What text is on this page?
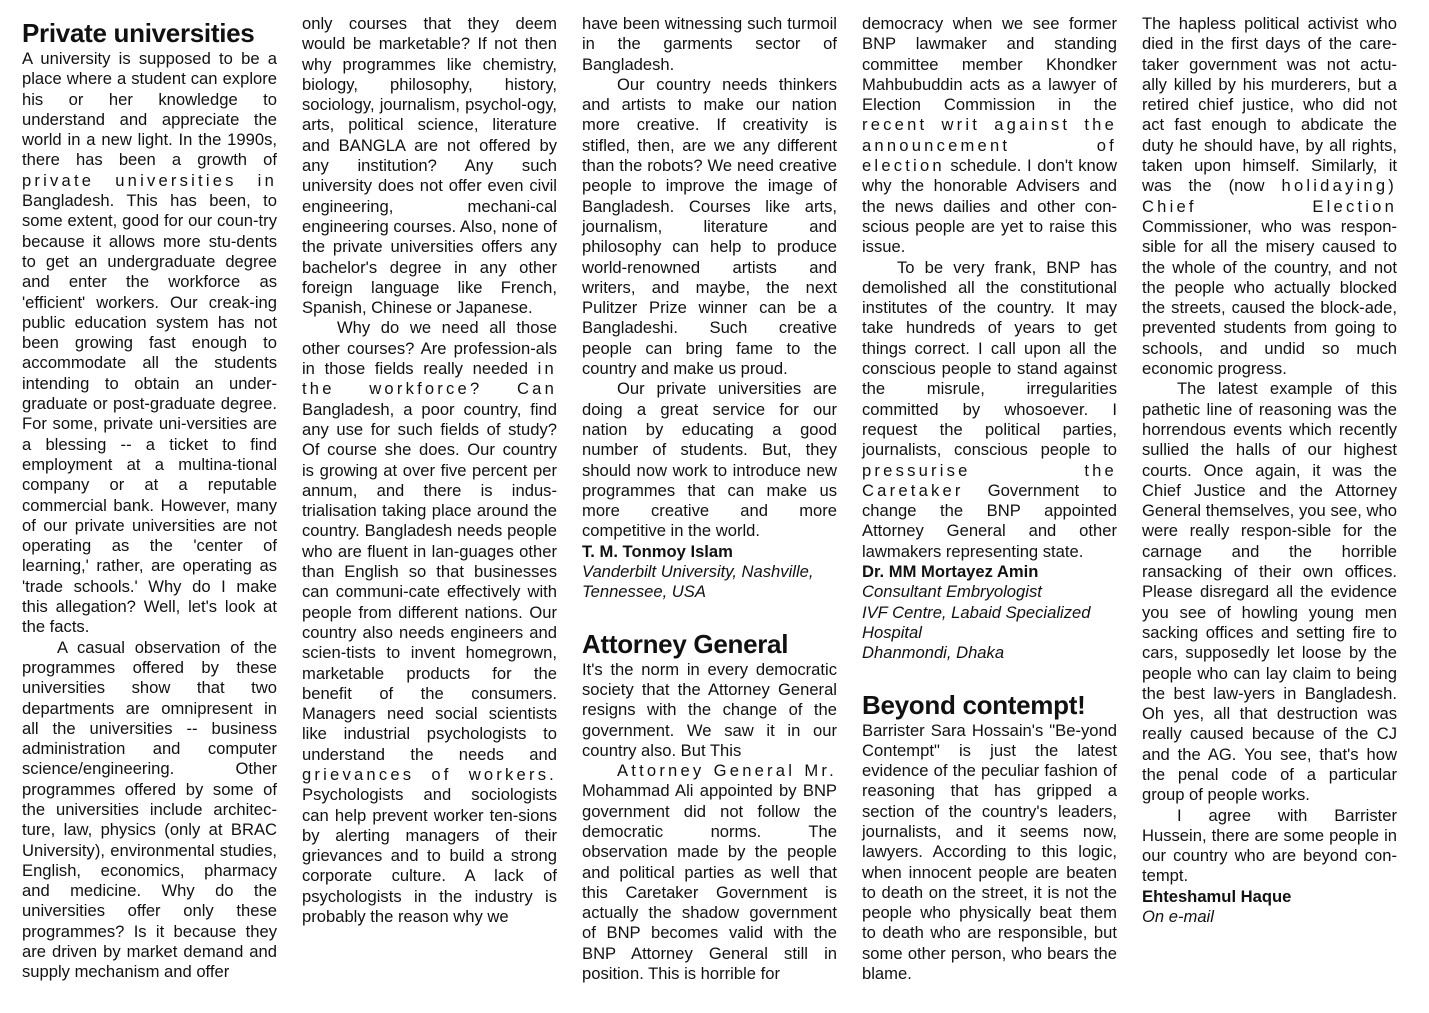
Private universities

A university is supposed to be a place where a student can explore his or her knowledge to understand and appreciate the world in a new light. In the 1990s, there has been a growth of private universities in Bangladesh. This has been, to some extent, good for our coun-try because it allows more stu-dents to get an undergraduate degree and enter the workforce as 'efficient' workers. Our creak-ing public education system has not been growing fast enough to accommodate all the students intending to obtain an under-graduate or post-graduate degree. For some, private uni-versities are a blessing -- a ticket to find employment at a multina-tional company or at a reputable commercial bank. However, many of our private universities are not operating as the 'center of learning,' rather, are operating as 'trade schools.' Why do I make this allegation? Well, let's look at the facts.

A casual observation of the programmes offered by these universities show that two departments are omnipresent in all the universities -- business administration and computer science/engineering. Other programmes offered by some of the universities include architec-ture, law, physics (only at BRAC University), environmental studies, English, economics, pharmacy and medicine. Why do the universities offer only these programmes? Is it because they are driven by market demand and supply mechanism and offer

only courses that they deem would be marketable? If not then why programmes like chemistry, biology, philosophy, history, sociology, journalism, psychol-ogy, arts, political science, literature and BANGLA are not offered by any institution? Any such university does not offer even civil engineering, mechani-cal engineering courses. Also, none of the private universities offers any bachelor's degree in any other foreign language like French, Spanish, Chinese or Japanese.

Why do we need all those other courses? Are profession-als in those fields really needed in the workforce? Can Bangladesh, a poor country, find any use for such fields of study? Of course she does. Our country is growing at over five percent per annum, and there is indus-trialisation taking place around the country. Bangladesh needs people who are fluent in lan-guages other than English so that businesses can communi-cate effectively with people from different nations. Our country also needs engineers and scien-tists to invent homegrown, marketable products for the benefit of the consumers. Managers need social scientists like industrial psychologists to understand the needs and grievances of workers. Psychologists and sociologists can help prevent worker ten-sions by alerting managers of their grievances and to build a strong corporate culture. A lack of psychologists in the industry is probably the reason why we

have been witnessing such turmoil in the garments sector of Bangladesh.

Our country needs thinkers and artists to make our nation more creative. If creativity is stifled, then, are we any different than the robots? We need creative people to improve the image of Bangladesh. Courses like arts, journalism, literature and philosophy can help to produce world-renowned artists and writers, and maybe, the next Pulitzer Prize winner can be a Bangladeshi. Such creative people can bring fame to the country and make us proud.

Our private universities are doing a great service for our nation by educating a good number of students. But, they should now work to introduce new programmes that can make us more creative and more competitive in the world.

T. M. Tonmoy Islam
Vanderbilt University, Nashville, Tennessee, USA
Attorney General

It's the norm in every democratic society that the Attorney General resigns with the change of the government. We saw it in our country also. But This

Attorney General Mr. Mohammad Ali appointed by BNP government did not follow the democratic norms. The observation made by the people and political parties as well that this Caretaker Government is actually the shadow government of BNP becomes valid with the BNP Attorney General still in position. This is horrible for

democracy when we see former BNP lawmaker and standing committee member Khondker Mahbubuddin acts as a lawyer of Election Commission in the recent writ against the announcement of election schedule. I don't know why the honorable Advisers and the news dailies and other con-scious people are yet to raise this issue.

To be very frank, BNP has demolished all the constitutional institutes of the country. It may take hundreds of years to get things correct. I call upon all the conscious people to stand against the misrule, irregularities committed by whosoever. I request the political parties, journalists, conscious people to pressurise the Caretaker Government to change the BNP appointed Attorney General and other lawmakers representing state.

Dr. MM Mortayez Amin
Consultant Embryologist
IVF Centre, Labaid Specialized Hospital
Dhanmondi, Dhaka
Beyond contempt!

Barrister Sara Hossain's "Be-yond Contempt" is just the latest evidence of the peculiar fashion of reasoning that has gripped a section of the country's leaders, journalists, and it seems now, lawyers. According to this logic, when innocent people are beaten to death on the street, it is not the people who physically beat them to death who are responsible, but some other person, who bears the blame.

The hapless political activist who died in the first days of the care-taker government was not actu-ally killed by his murderers, but a retired chief justice, who did not act fast enough to abdicate the duty he should have, by all rights, taken upon himself. Similarly, it was the (now holidaying) Chief Election Commissioner, who was respon-sible for all the misery caused to the whole of the country, and not the people who actually blocked the streets, caused the block-ade, prevented students from going to schools, and undid so much economic progress.

The latest example of this pathetic line of reasoning was the horrendous events which recently sullied the halls of our highest courts. Once again, it was the Chief Justice and the Attorney General themselves, you see, who were really respon-sible for the carnage and the horrible ransacking of their own offices. Please disregard all the evidence you see of howling young men sacking offices and setting fire to cars, supposedly let loose by the people who can lay claim to being the best law-yers in Bangladesh. Oh yes, all that destruction was really caused because of the CJ and the AG. You see, that's how the penal code of a particular group of people works.

I agree with Barrister Hussein, there are some people in our country who are beyond con-tempt.

Ehteshamul Haque
On e-mail
